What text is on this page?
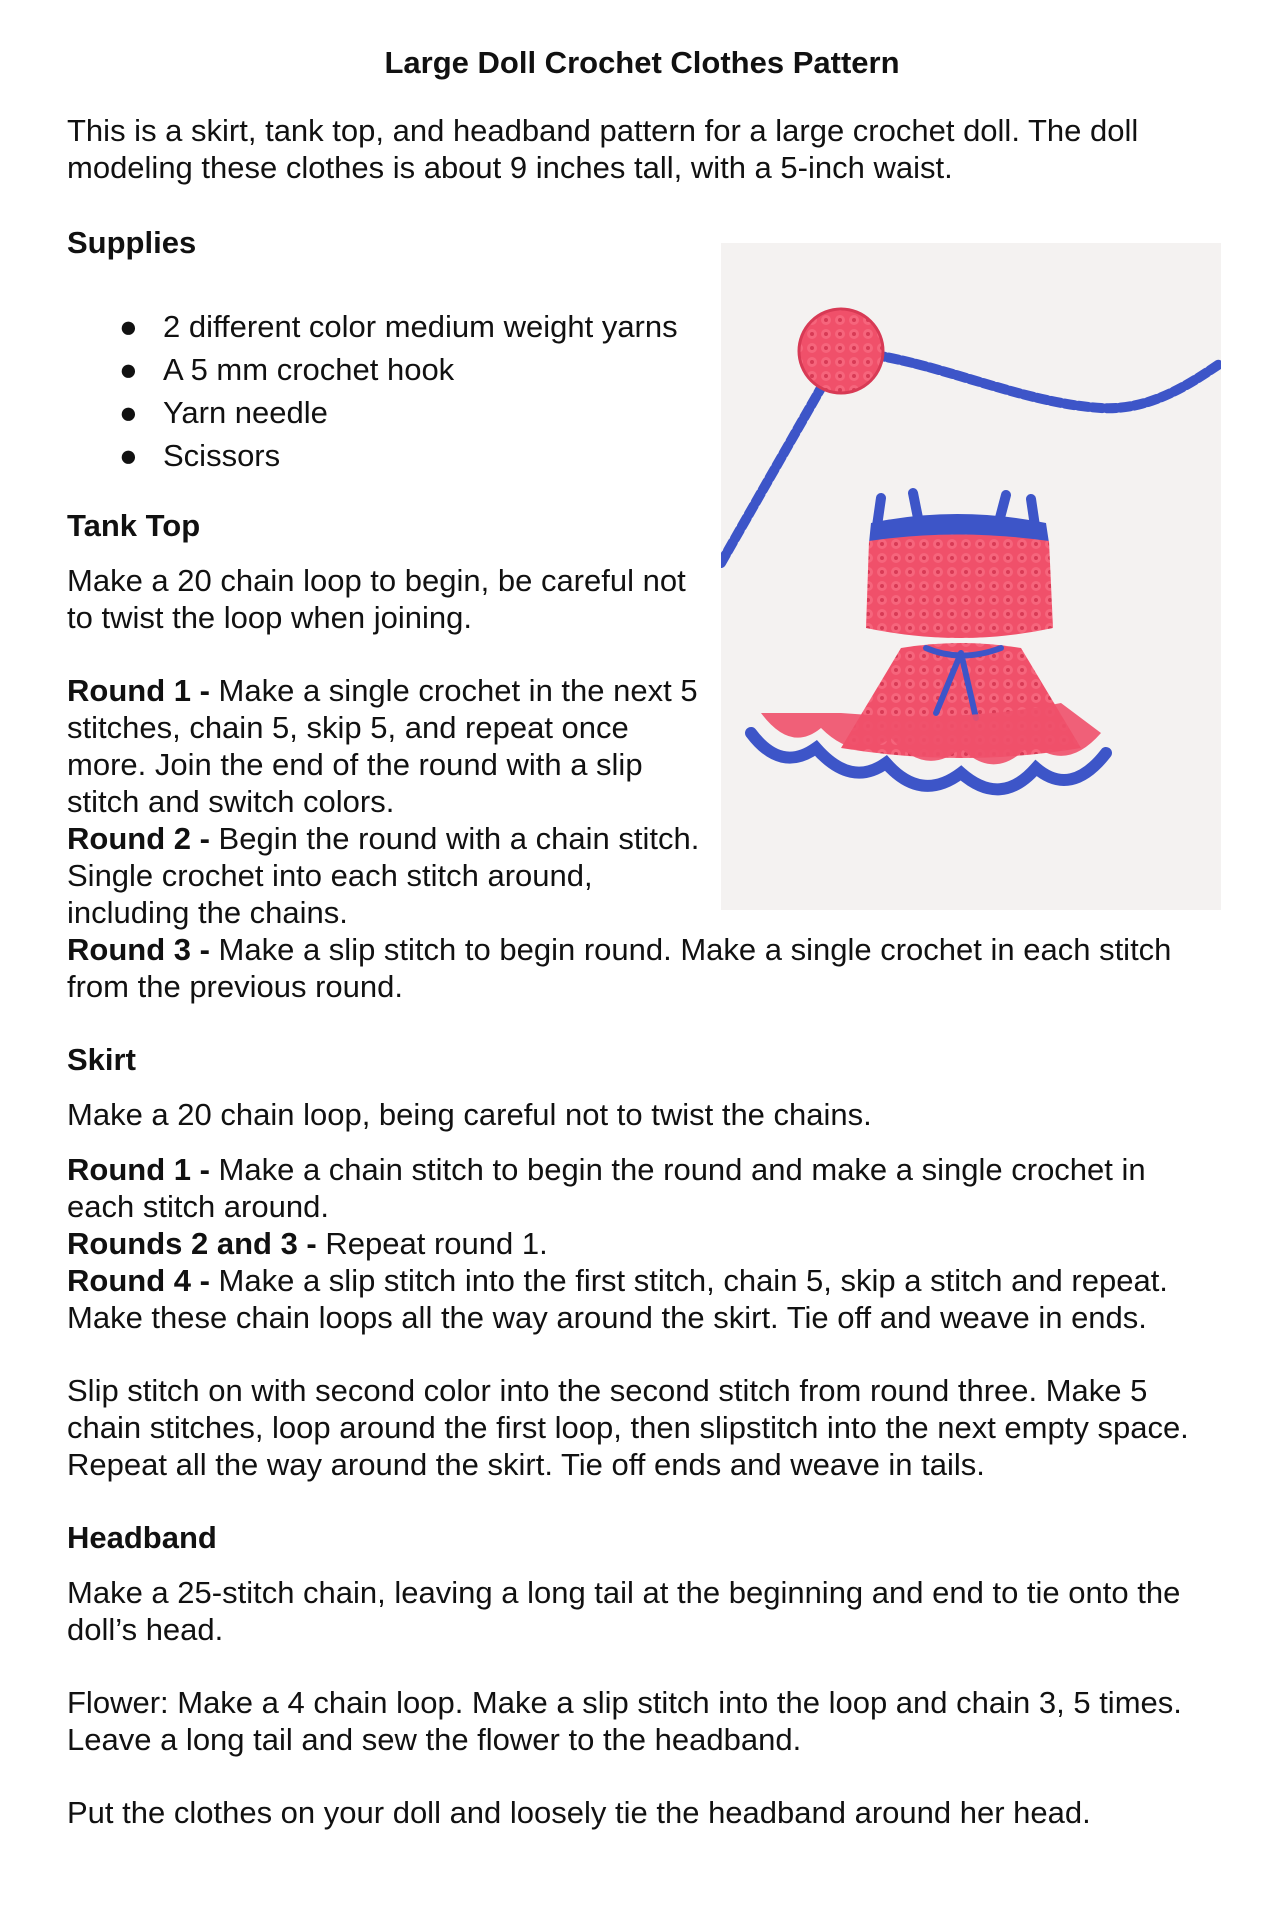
Large Doll Crochet Clothes Pattern

This is a skirt, tank top, and headband pattern for a large crochet doll. The doll modeling these clothes is about 9 inches tall, with a 5-inch waist.

Supplies
● 2 different color medium weight yarns
● A 5 mm crochet hook
● Yarn needle
● Scissors
Tank Top

Make a 20 chain loop to begin, be careful not to twist the loop when joining.

Round 1 - Make a single crochet in the next 5 stitches, chain 5, skip 5, and repeat once more. Join the end of the round with a slip stitch and switch colors.

Round 2 - Begin the round with a chain stitch. Single crochet into each stitch around, including the chains.

Round 3 - Make a slip stitch to begin round. Make a single crochet in each stitch from the previous round.

Skirt

Make a 20 chain loop, being careful not to twist the chains.

Round 1 - Make a chain stitch to begin the round and make a single crochet in each stitch around.

Rounds 2 and 3 - Repeat round 1.

Round 4 - Make a slip stitch into the first stitch, chain 5, skip a stitch and repeat. Make these chain loops all the way around the skirt. Tie off and weave in ends.

Slip stitch on with second color into the second stitch from round three. Make 5 chain stitches, loop around the first loop, then slipstitch into the next empty space. Repeat all the way around the skirt. Tie off ends and weave in tails.

Headband

Make a 25-stitch chain, leaving a long tail at the beginning and end to tie onto the doll’s head.

Flower: Make a 4 chain loop. Make a slip stitch into the loop and chain 3, 5 times. Leave a long tail and sew the flower to the headband.

Put the clothes on your doll and loosely tie the headband around her head.
